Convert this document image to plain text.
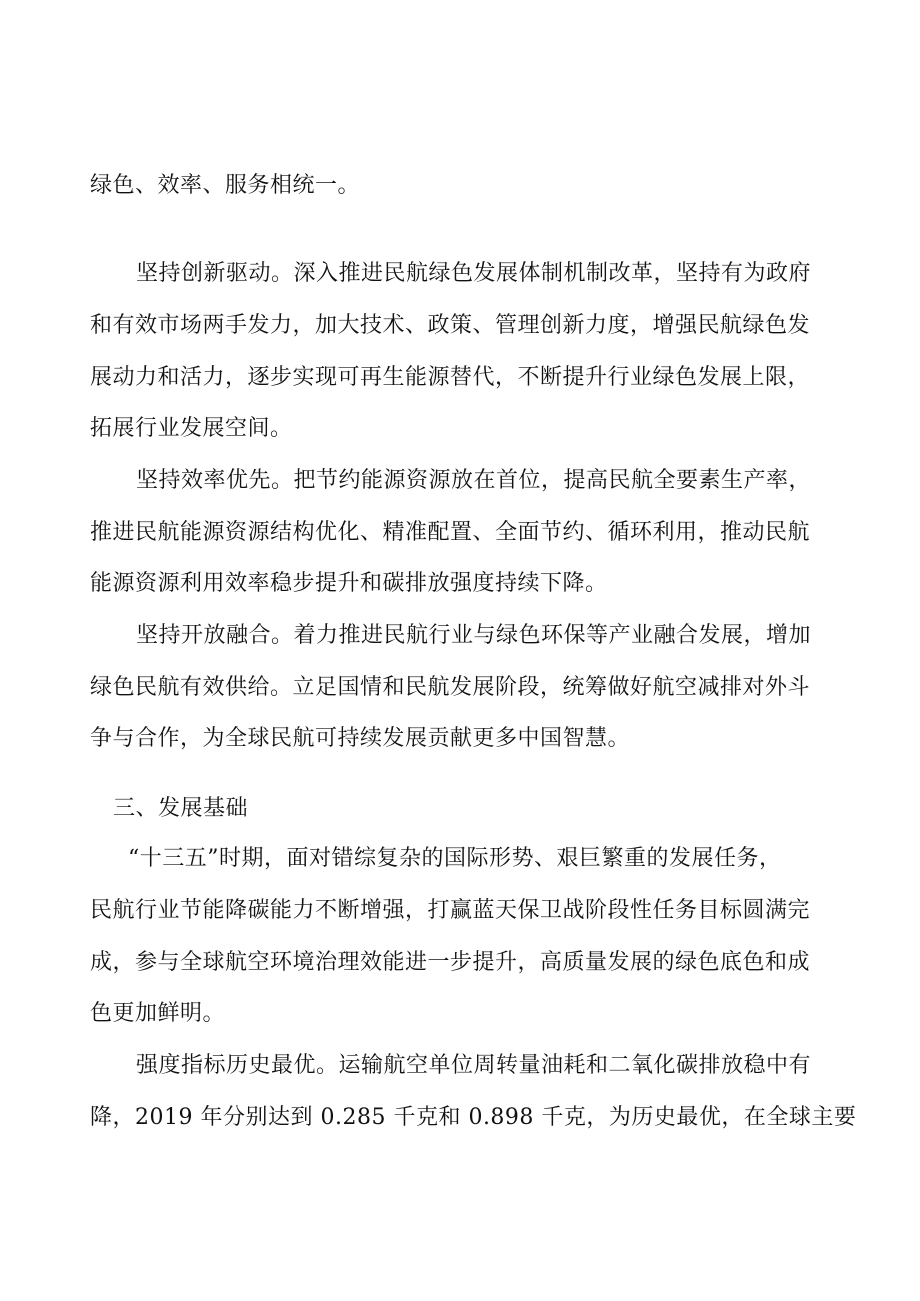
绿色、效率、服务相统一。
坚持创新驱动。深入推进民航绿色发展体制机制改革，坚持有为政府
和有效市场两手发力，加大技术、政策、管理创新力度，增强民航绿色发
展动力和活力，逐步实现可再生能源替代，不断提升行业绿色发展上限，
拓展行业发展空间。
坚持效率优先。把节约能源资源放在首位，提高民航全要素生产率，
推进民航能源资源结构优化、精准配置、全面节约、循环利用，推动民航
能源资源利用效率稳步提升和碳排放强度持续下降。
坚持开放融合。着力推进民航行业与绿色环保等产业融合发展，增加
绿色民航有效供给。立足国情和民航发展阶段，统筹做好航空减排对外斗
争与合作，为全球民航可持续发展贡献更多中国智慧。
三、发展基础
“十三五”时期，面对错综复杂的国际形势、艰巨繁重的发展任务，
民航行业节能降碳能力不断增强，打赢蓝天保卫战阶段性任务目标圆满完
成，参与全球航空环境治理效能进一步提升，高质量发展的绿色底色和成
色更加鲜明。
强度指标历史最优。运输航空单位周转量油耗和二氧化碳排放稳中有
降，2019 年分别达到 0.285 千克和 0.898 千克，为历史最优，在全球主要
